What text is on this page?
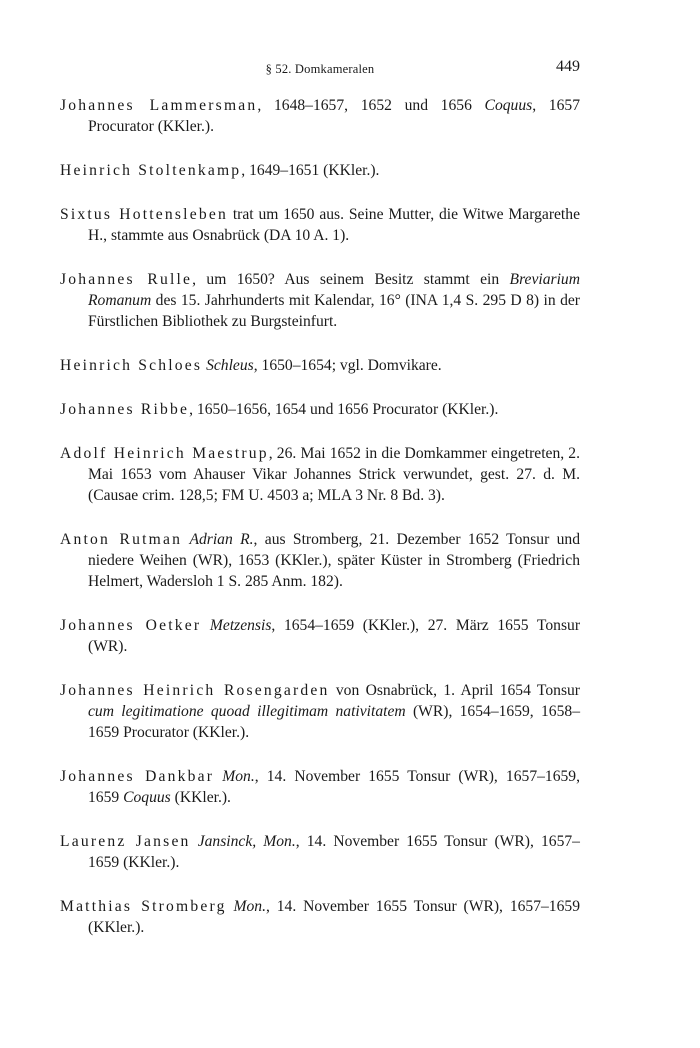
§ 52. Domkameralen	449

Johannes Lammersman, 1648–1657, 1652 und 1656 Coquus, 1657 Procurator (KKler.).

Heinrich Stoltenkamp, 1649–1651 (KKler.).

Sixtus Hottensleben trat um 1650 aus. Seine Mutter, die Witwe Margarethe H., stammte aus Osnabrück (DA 10 A. 1).

Johannes Rulle, um 1650? Aus seinem Besitz stammt ein Breviarium Romanum des 15. Jahrhunderts mit Kalendar, 16° (INA 1,4 S. 295 D 8) in der Fürstlichen Bibliothek zu Burgsteinfurt.

Heinrich Schloes Schleus, 1650–1654; vgl. Domvikare.

Johannes Ribbe, 1650–1656, 1654 und 1656 Procurator (KKler.).

Adolf Heinrich Maestrup, 26. Mai 1652 in die Domkammer eingetreten, 2. Mai 1653 vom Ahauser Vikar Johannes Strick verwundet, gest. 27. d. M. (Causae crim. 128,5; FM U. 4503 a; MLA 3 Nr. 8 Bd. 3).

Anton Rutman Adrian R., aus Stromberg, 21. Dezember 1652 Tonsur und niedere Weihen (WR), 1653 (KKler.), später Küster in Stromberg (Friedrich Helmert, Wadersloh 1 S. 285 Anm. 182).

Johannes Oetker Metzensis, 1654–1659 (KKler.), 27. März 1655 Tonsur (WR).

Johannes Heinrich Rosengarden von Osnabrück, 1. April 1654 Tonsur cum legitimatione quoad illegitimam nativitatem (WR), 1654–1659, 1658–1659 Procurator (KKler.).

Johannes Dankbar Mon., 14. November 1655 Tonsur (WR), 1657–1659, 1659 Coquus (KKler.).

Laurenz Jansen Jansinck, Mon., 14. November 1655 Tonsur (WR), 1657–1659 (KKler.).

Matthias Stromberg Mon., 14. November 1655 Tonsur (WR), 1657–1659 (KKler.).
